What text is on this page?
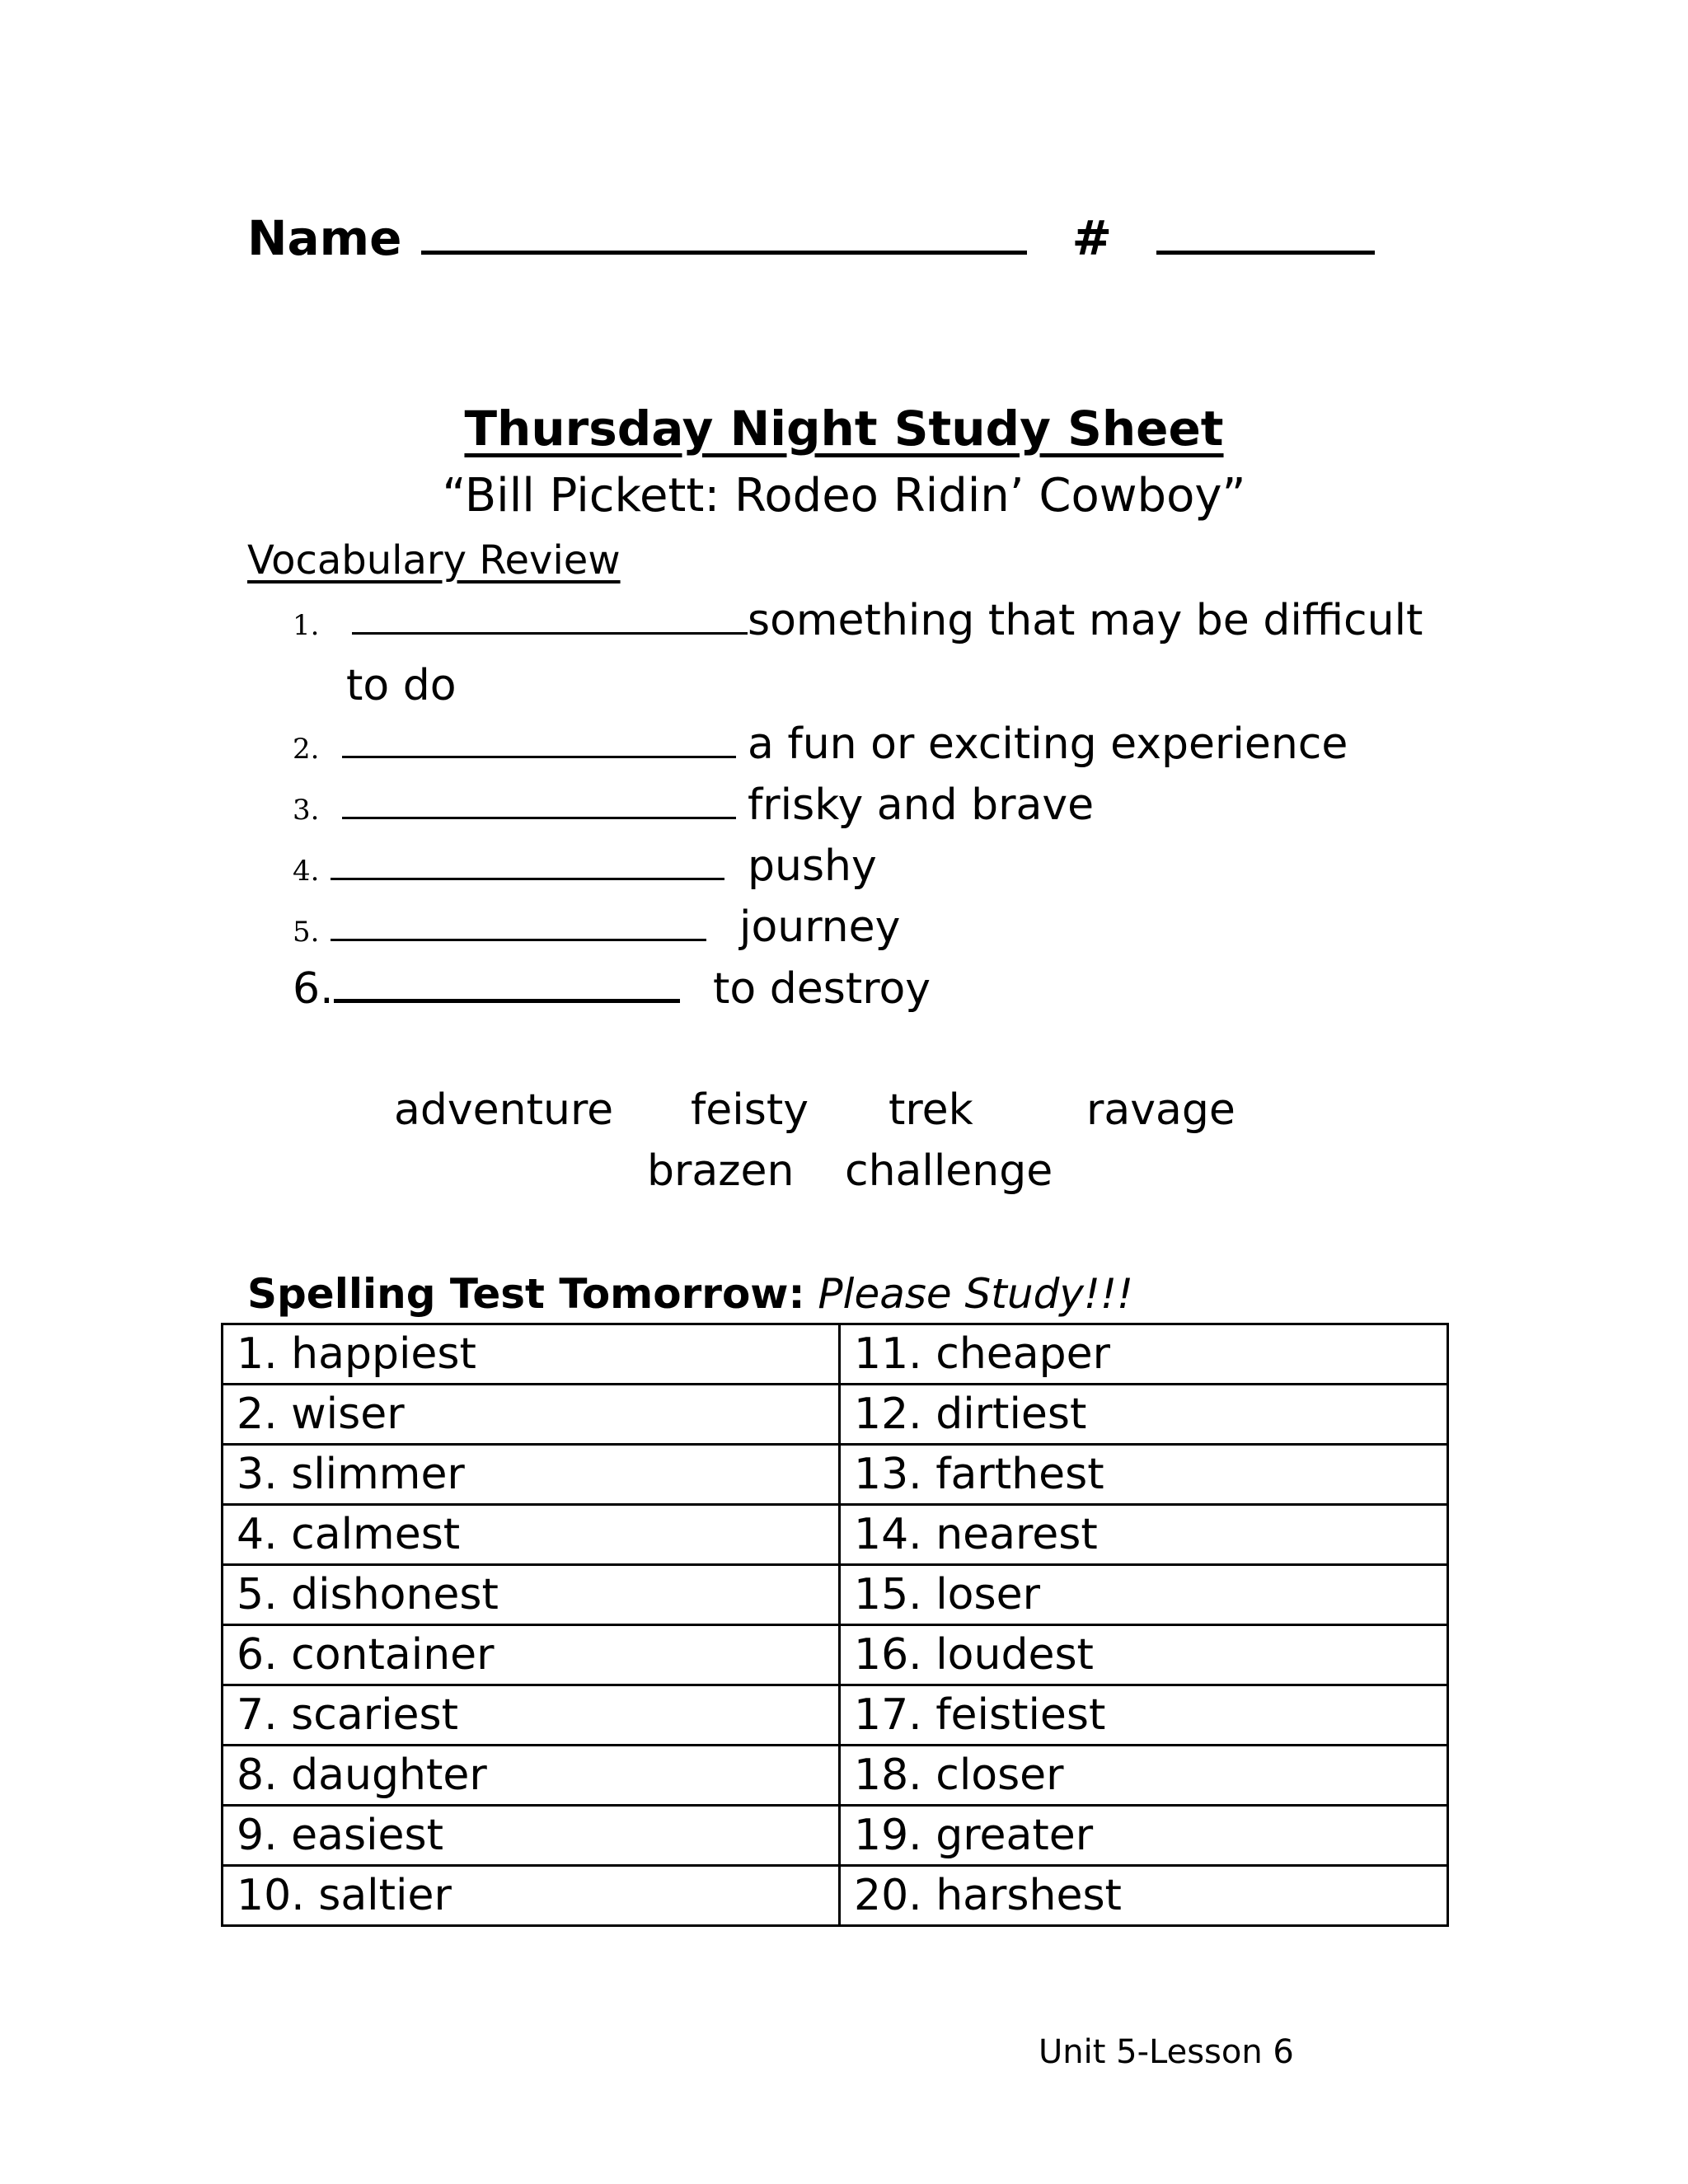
Name	#
Thursday Night Study Sheet
“Bill Pickett: Rodeo Ridin’ Cowboy”
Vocabulary Review
1.	something that may be difficult
to do
2.	a fun or exciting experience
3.	frisky and brave
4.	pushy
5.	journey
6.	to destroy
adventure feisty trek	ravage
brazen challenge
Spelling Test Tomorrow: Please Study!!!
1. happiest	11. cheaper
2. wiser	12. dirtiest
3. slimmer	13. farthest
4. calmest	14. nearest
5. dishonest	15. loser
6. container	16. loudest
7. scariest	17. feistiest
8. daughter	18. closer
9. easiest	19. greater
10. saltier	20. harshest
Unit 5-Lesson 6
